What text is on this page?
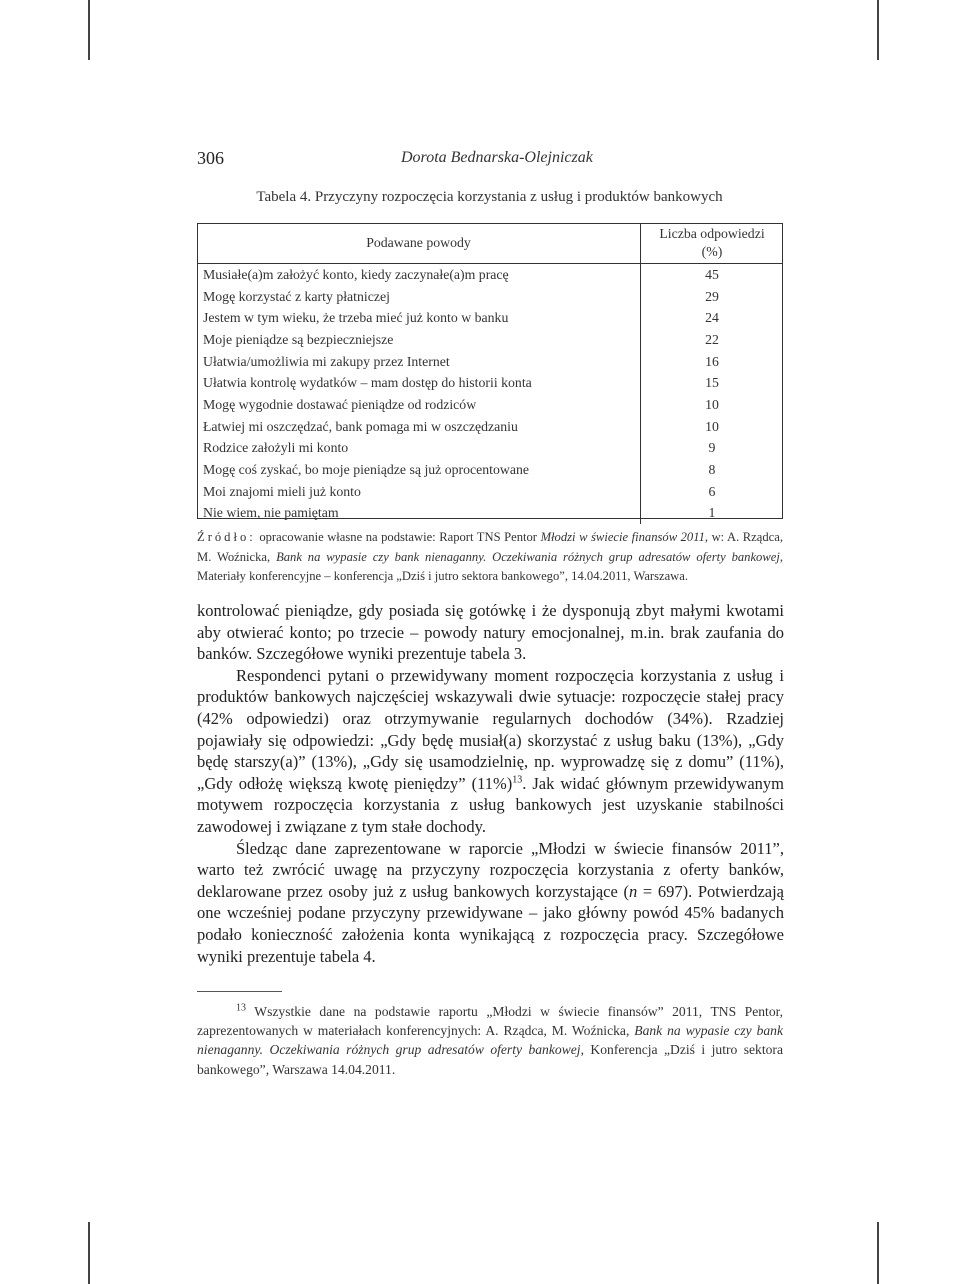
306	Dorota Bednarska-Olejniczak
Tabela 4. Przyczyny rozpoczęcia korzystania z usług i produktów bankowych
Podawane powody	Liczba odpowiedzi
(%)
Musiałe(a)m założyć konto, kiedy zaczynałe(a)m pracę	45
Mogę korzystać z karty płatniczej	29
Jestem w tym wieku, że trzeba mieć już konto w banku	24
Moje pieniądze są bezpieczniejsze	22
Ułatwia/umożliwia mi zakupy przez Internet	16
Ułatwia kontrolę wydatków – mam dostęp do historii konta	15
Mogę wygodnie dostawać pieniądze od rodziców	10
Łatwiej mi oszczędzać, bank pomaga mi w oszczędzaniu	10
Rodzice założyli mi konto	9
Mogę coś zyskać, bo moje pieniądze są już oprocentowane	8
Moi znajomi mieli już konto	6
Nie wiem, nie pamiętam	1
Źródło: opracowanie własne na podstawie: Raport TNS Pentor Młodzi w świecie finansów 2011, w: A. Rządca, M. Woźnicka, Bank na wypasie czy bank nienaganny. Oczekiwania różnych grup adresatów oferty bankowej, Materiały konferencyjne – konferencja „Dziś i jutro sektora bankowego”, 14.04.2011, Warszawa.

kontrolować pieniądze, gdy posiada się gotówkę i że dysponują zbyt małymi kwotami aby otwierać konto; po trzecie – powody natury emocjonalnej, m.in. brak zaufania do banków. Szczegółowe wyniki prezentuje tabela 3.

Respondenci pytani o przewidywany moment rozpoczęcia korzystania z usług i produktów bankowych najczęściej wskazywali dwie sytuacje: rozpoczęcie stałej pracy (42% odpowiedzi) oraz otrzymywanie regularnych dochodów (34%). Rzadziej pojawiały się odpowiedzi: „Gdy będę musiał(a) skorzystać z usług baku (13%), „Gdy będę starszy(a)” (13%), „Gdy się usamodzielnię, np. wyprowadzę się z domu” (11%), „Gdy odłożę większą kwotę pieniędzy” $(11\%)^{13}$. Jak widać głównym przewidywanym motywem rozpoczęcia korzystania z usług bankowych jest uzyskanie stabilności zawodowej i związane z tym stałe dochody.

Śledząc dane zaprezentowane w raporcie „Młodzi w świecie finansów 2011”, warto też zwrócić uwagę na przyczyny rozpoczęcia korzystania z oferty banków, deklarowane przez osoby już z usług bankowych korzystające (n = 697). Potwierdzają one wcześniej podane przyczyny przewidywane – jako główny powód 45% badanych podało konieczność założenia konta wynikającą z rozpoczęcia pracy. Szczegółowe wyniki prezentuje tabela 4.

$^{13}$ Wszystkie dane na podstawie raportu „Młodzi w świecie finansów” 2011, TNS Pentor, zaprezentowanych w materiałach konferencyjnych: A. Rządca, M. Woźnicka, Bank na wypasie czy bank nienaganny. Oczekiwania różnych grup adresatów oferty bankowej, Konferencja „Dziś i jutro sektora bankowego”, Warszawa 14.04.2011.
